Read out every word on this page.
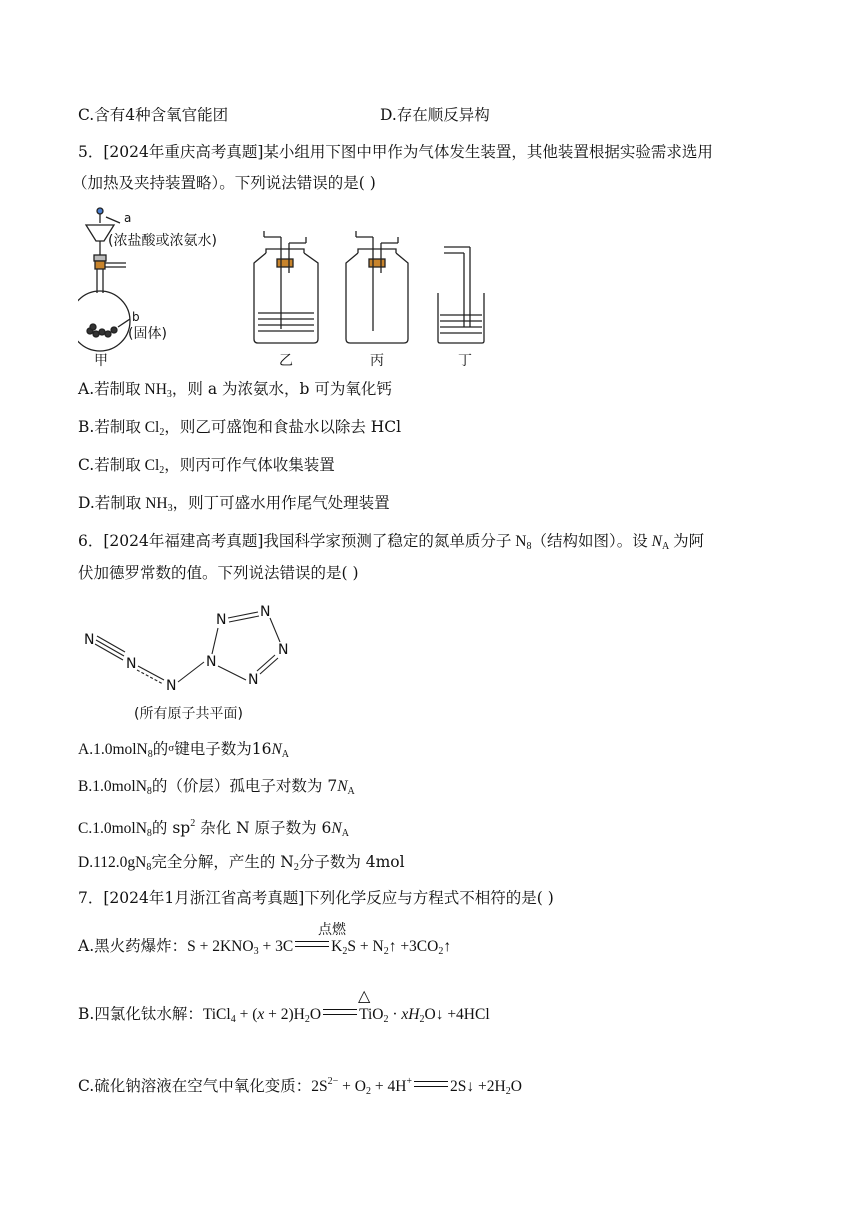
C.含有4种含氧官能团	D.存在顺反异构
5．[2024年重庆高考真题]某小组用下图中甲作为气体发生装置，其他装置根据实验需求选用
（加热及夹持装置略）。下列说法错误的是( )
a
(浓盐酸或浓氨水)
b
(固体)
甲	乙	丙	丁
A.若制取 $NH_3$，则 a 为浓氨水，b 可为氧化钙
B.若制取 $Cl_2$，则乙可盛饱和食盐水以除去 HCl
C.若制取 $Cl_2$，则丙可作气体收集装置
D.若制取 $NH_3$，则丁可盛水用作尾气处理装置
6．[2024年福建高考真题]我国科学家预测了稳定的氮单质分子 $N_8$（结构如图）。设 $N_A$ 为阿
伏加德罗常数的值。下列说法错误的是( )
N
N
N
N
N N
N
N
(所有原子共平面)
A.1.0molN$_8$的σ键电子数为$16N_A$
B.1.0molN$_8$的（价层）孤电子对数为 $7N_A$
C.1.0molN$_8$的 $sp^2$ 杂化 N 原子数为 $6N_A$
$D.112.0gN_8$完全分解，产生的 $N_2$分子数为 4mol
7．[2024年1月浙江省高考真题]下列化学反应与方程式不相符的是( )
点燃
A.黑火药爆炸：$S + 2KNO_3 + 3C$ $K_2S$ + $N_2↑$ $+3CO_2↑$
△
B.四氯化钛水解：TiCl$_4$ + $(x + 2)H_2O$ $TiO_2 \cdot xH_2O↓ +4HCl$
C.硫化钠溶液在空气中氧化变质：$2S^{2-} + O_2 + 4H^+$ 2S↓ $+2H_2O$
